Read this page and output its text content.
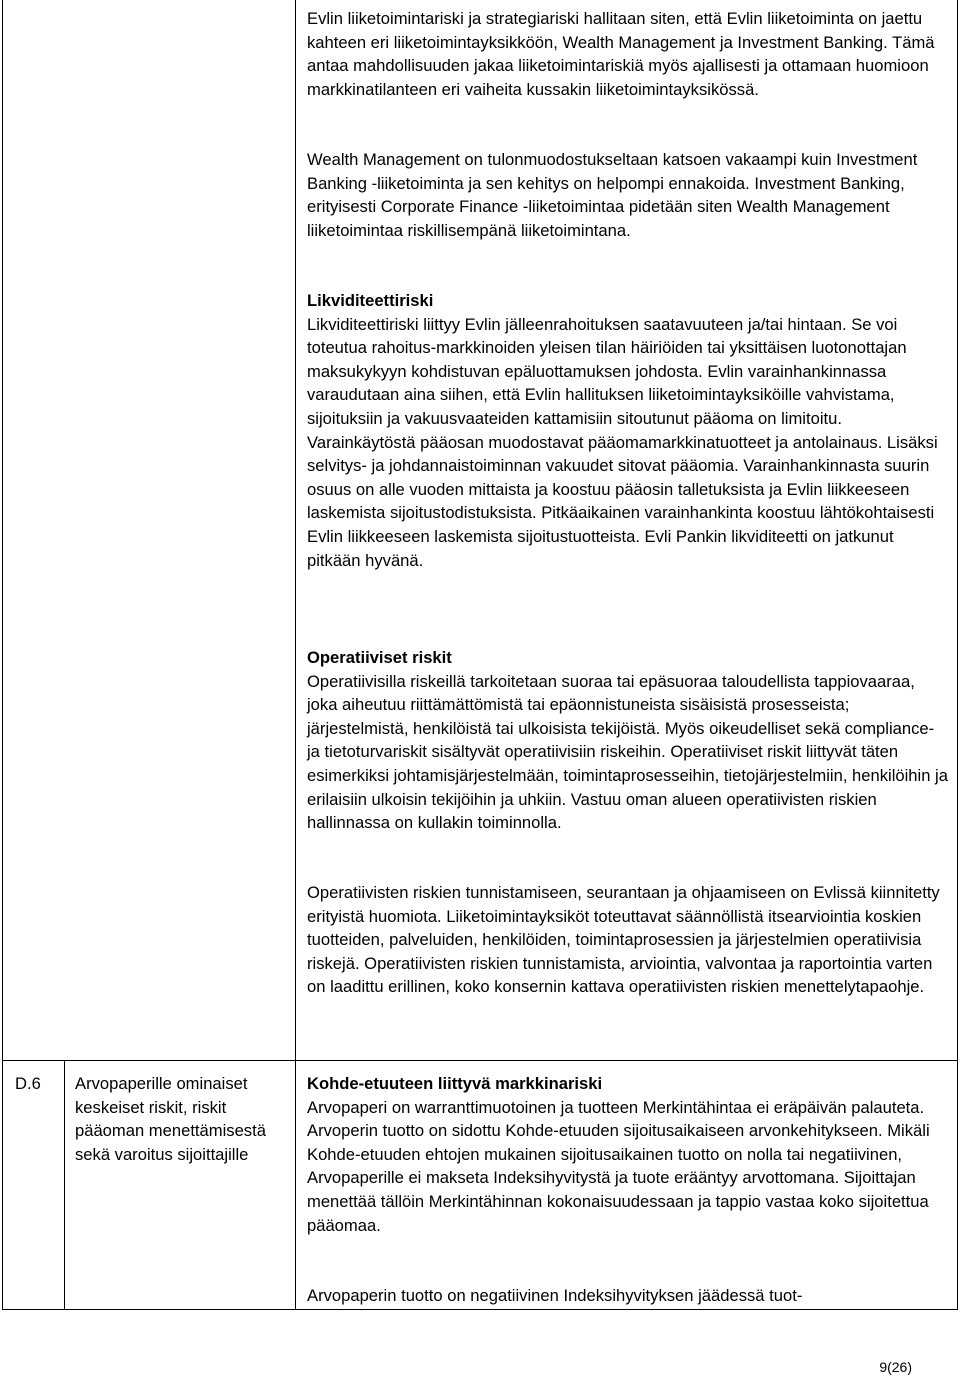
Evlin liiketoimintariski ja strategiariski hallitaan siten, että Evlin liiketoiminta on jaettu kahteen eri liiketoimintayksikköön, Wealth Management ja Investment Banking. Tämä antaa mahdollisuuden jakaa liiketoimintariskiä myös ajallisesti ja ottamaan huomioon markkinatilanteen eri vaiheita kussakin liiketoimintayksikössä.

Wealth Management on tulonmuodostukseltaan katsoen vakaampi kuin Investment Banking -liiketoiminta ja sen kehitys on helpompi ennakoida. Investment Banking, erityisesti Corporate Finance -liiketoimintaa pidetään siten Wealth Management liiketoimintaa riskillisempänä liiketoimintana.

Likviditeettiriski
Likviditeettiriski liittyy Evlin jälleenrahoituksen saatavuuteen ja/tai hintaan. Se voi toteutua rahoitus-markkinoiden yleisen tilan häiriöiden tai yksittäisen luotonottajan maksukykyyn kohdistuvan epäluottamuksen johdosta. Evlin varainhankinnassa varaudutaan aina siihen, että Evlin hallituksen liiketoimintayksiköille vahvistama, sijoituksiin ja vakuusvaateiden kattamisiin sitoutunut pääoma on limitoitu. Varainkäytöstä pääosan muodostavat pääomamarkkinatuotteet ja antolainaus. Lisäksi selvitys- ja johdannaistoiminnan vakuudet sitovat pääomia. Varainhankinnasta suurin osuus on alle vuoden mittaista ja koostuu pääosin talletuksista ja Evlin liikkeeseen laskemista sijoitustodistuksista. Pitkäaikainen varainhankinta koostuu lähtökohtaisesti Evlin liikkeeseen laskemista sijoitustuotteista. Evli Pankin likviditeetti on jatkunut pitkään hyvänä.
Operatiiviset riskit
Operatiivisilla riskeillä tarkoitetaan suoraa tai epäsuoraa taloudellista tappiovaaraa, joka aiheutuu riittämättömistä tai epäonnistuneista sisäisistä prosesseista; järjestelmistä, henkilöistä tai ulkoisista tekijöistä. Myös oikeudelliset sekä compliance- ja tietoturvariskit sisältyvät operatiivisiin riskeihin. Operatiiviset riskit liittyvät täten esimerkiksi johtamisjärjestelmään, toimintaprosesseihin, tietojärjestelmiin, henkilöihin ja erilaisiin ulkoisin tekijöihin ja uhkiin. Vastuu oman alueen operatiivisten riskien hallinnassa on kullakin toiminnolla.

Operatiivisten riskien tunnistamiseen, seurantaan ja ohjaamiseen on Evlissä kiinnitetty erityistä huomiota. Liiketoimintayksiköt toteuttavat säännöllistä itsearviointia koskien tuotteiden, palveluiden, henkilöiden, toimintaprosessien ja järjestelmien operatiivisia riskejä. Operatiivisten riskien tunnistamista, arviointia, valvontaa ja raportointia varten on laadittu erillinen, koko konsernin kattava operatiivisten riskien menettelytapaohje.

D.6 Arvopaperille ominaiset keskeiset riskit, riskit pääoman menettämisestä sekä varoitus sijoittajille
Kohde-etuuteen liittyvä markkinariski
Arvopaperi on warranttimuotoinen ja tuotteen Merkintähintaa ei eräpäivän palauteta. Arvoperin tuotto on sidottu Kohde-etuuden sijoitusaikaiseen arvonkehitykseen. Mikäli Kohde-etuuden ehtojen mukainen sijoitusaikainen tuotto on nolla tai negatiivinen, Arvopaperille ei makseta Indeksihyvitystä ja tuote erääntyy arvottomana. Sijoittajan menettää tällöin Merkintähinnan kokonaisuudessaan ja tappio vastaa koko sijoitettua pääomaa.

Arvopaperin tuotto on negatiivinen Indeksihyvityksen jäädessä tuot-

9(26)
